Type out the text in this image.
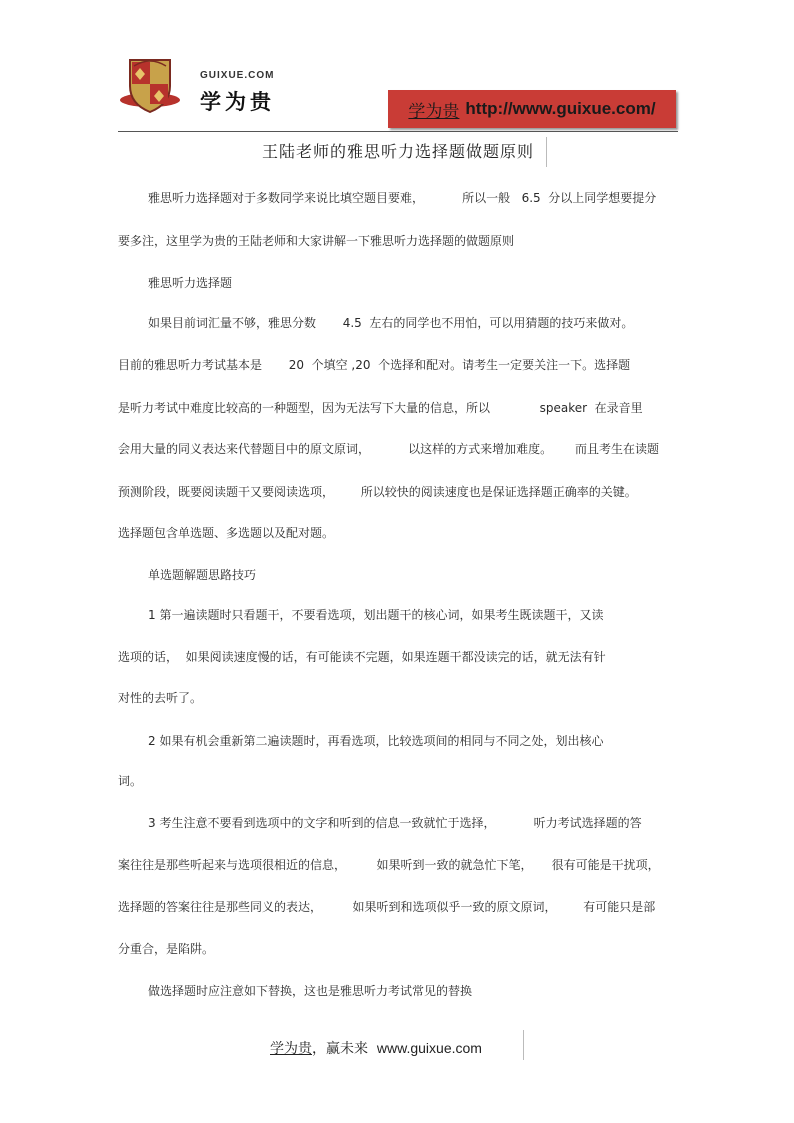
GUIXUE.COM
学为贵	学为贵 http://www.guixue.com/
王陆老师的雅思听力选择题做题原则
雅思听力选择题对于多数同学来说比填空题目要难，          所以一般   6.5  分以上同学想要提分
要多注，这里学为贵的王陆老师和大家讲解一下雅思听力选择题的做题原则
雅思听力选择题
如果目前词汇量不够，雅思分数       4.5  左右的同学也不用怕，可以用猜题的技巧来做对。
目前的雅思听力考试基本是       20  个填空 ,20  个选择和配对。请考生一定要关注一下。选择题
是听力考试中难度比较高的一种题型，因为无法写下大量的信息，所以             speaker  在录音里
会用大量的同义表达来代替题目中的原文原词，          以这样的方式来增加难度。      而且考生在读题
预测阶段，既要阅读题干又要阅读选项，       所以较快的阅读速度也是保证选择题正确率的关键。
选择题包含单选题、多选题以及配对题。
单选题解题思路技巧
1 第一遍读题时只看题干，不要看选项，划出题干的核心词，如果考生既读题干，又读
选项的话，  如果阅读速度慢的话，有可能读不完题，如果连题干都没读完的话，就无法有针
对性的去听了。
2 如果有机会重新第二遍读题时，再看选项，比较选项间的相同与不同之处，划出核心
词。
3 考生注意不要看到选项中的文字和听到的信息一致就忙于选择，          听力考试选择题的答
案往往是那些听起来与选项很相近的信息，        如果听到一致的就急忙下笔，     很有可能是干扰项，
选择题的答案往往是那些同义的表达，        如果听到和选项似乎一致的原文原词，       有可能只是部
分重合，是陷阱。
做选择题时应注意如下替换，这也是雅思听力考试常见的替换
学为贵，赢未来  www.guixue.com
